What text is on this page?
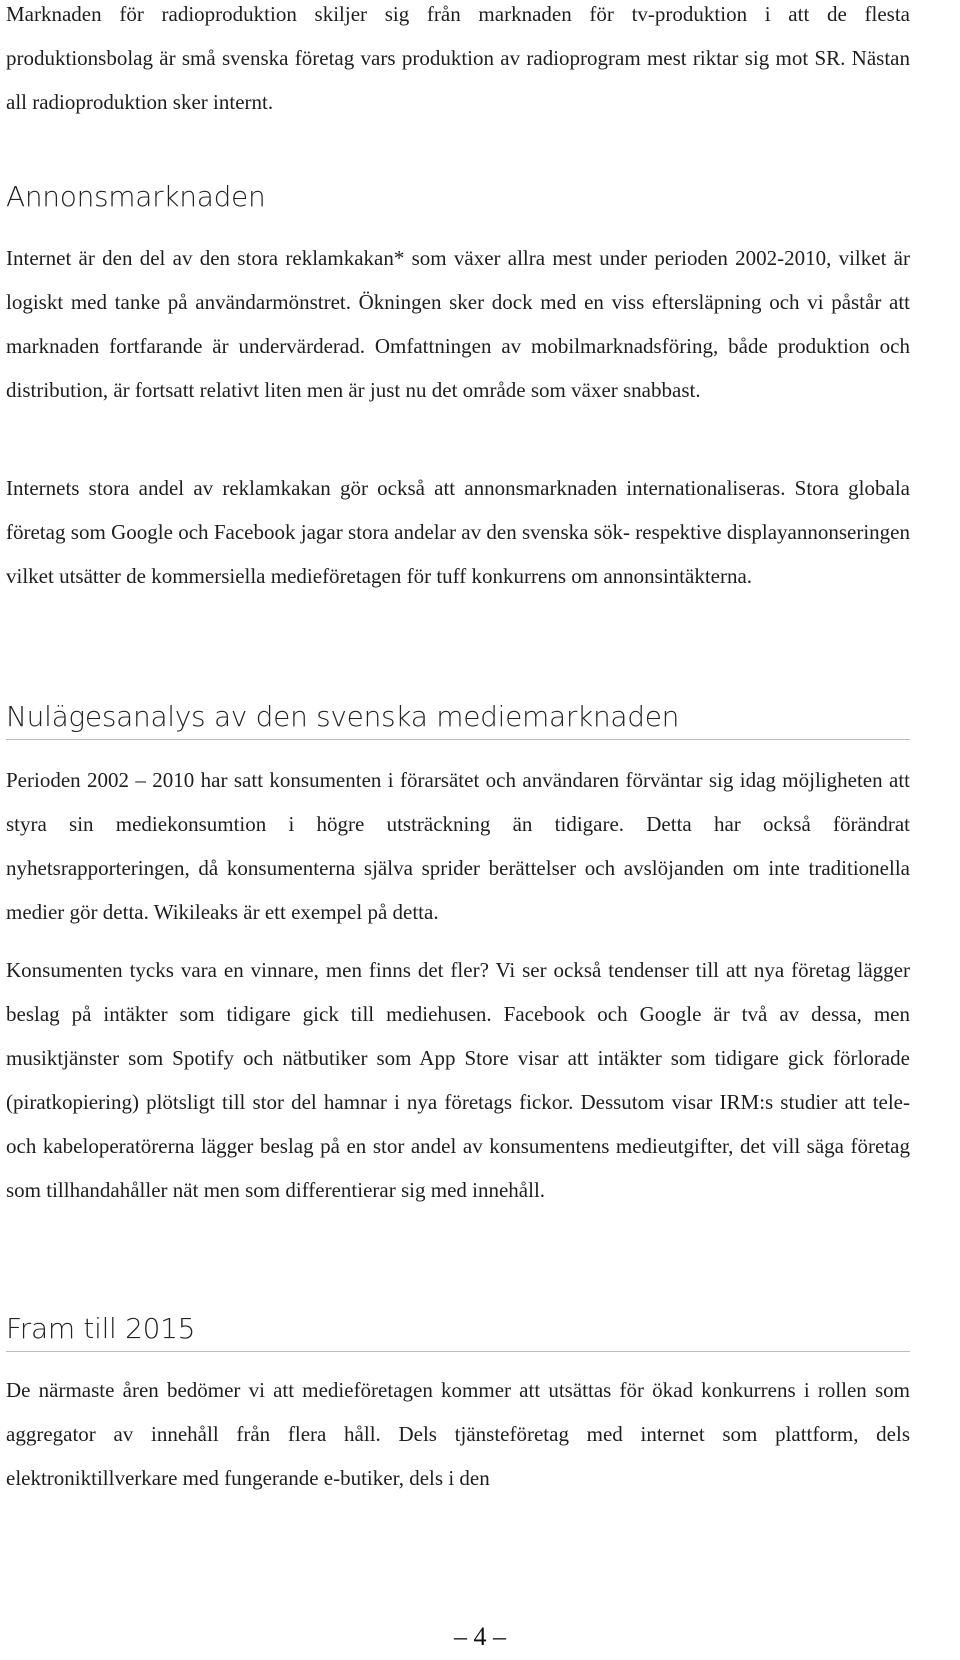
Marknaden för radioproduktion skiljer sig från marknaden för tv-produktion i att de flesta produktionsbolag är små svenska företag vars produktion av radioprogram mest riktar sig mot SR. Nästan all radioproduktion sker internt.

Annonsmarknaden

Internet är den del av den stora reklamkakan* som växer allra mest under perioden 2002-2010, vilket är logiskt med tanke på användarmönstret. Ökningen sker dock med en viss eftersläpning och vi påstår att marknaden fortfarande är undervärderad. Omfattningen av mobilmarknadsföring, både produktion och distribution, är fortsatt relativt liten men är just nu det område som växer snabbast.

Internets stora andel av reklamkakan gör också att annonsmarknaden internationaliseras. Stora globala företag som Google och Facebook jagar stora andelar av den svenska sök- respektive displayannonseringen vilket utsätter de kommersiella medieföretagen för tuff konkurrens om annonsintäkterna.

Nulägesanalys av den svenska mediemarknaden

Perioden 2002 – 2010 har satt konsumenten i förarsätet och användaren förväntar sig idag möjligheten att styra sin mediekonsumtion i högre utsträckning än tidigare. Detta har också förändrat nyhetsrapporteringen, då konsumenterna själva sprider berättelser och avslöjanden om inte traditionella medier gör detta. Wikileaks är ett exempel på detta.

Konsumenten tycks vara en vinnare, men finns det fler? Vi ser också tendenser till att nya företag lägger beslag på intäkter som tidigare gick till mediehusen. Facebook och Google är två av dessa, men musiktjänster som Spotify och nätbutiker som App Store visar att intäkter som tidigare gick förlorade (piratkopiering) plötsligt till stor del hamnar i nya företags fickor. Dessutom visar IRM:s studier att tele- och kabeloperatörerna lägger beslag på en stor andel av konsumentens medieutgifter, det vill säga företag som tillhandahåller nät men som differentierar sig med innehåll.

Fram till 2015

De närmaste åren bedömer vi att medieföretagen kommer att utsättas för ökad konkurrens i rollen som aggregator av innehåll från flera håll. Dels tjänsteföretag med internet som plattform, dels elektroniktillverkare med fungerande e-butiker, dels i den

– 4 –
